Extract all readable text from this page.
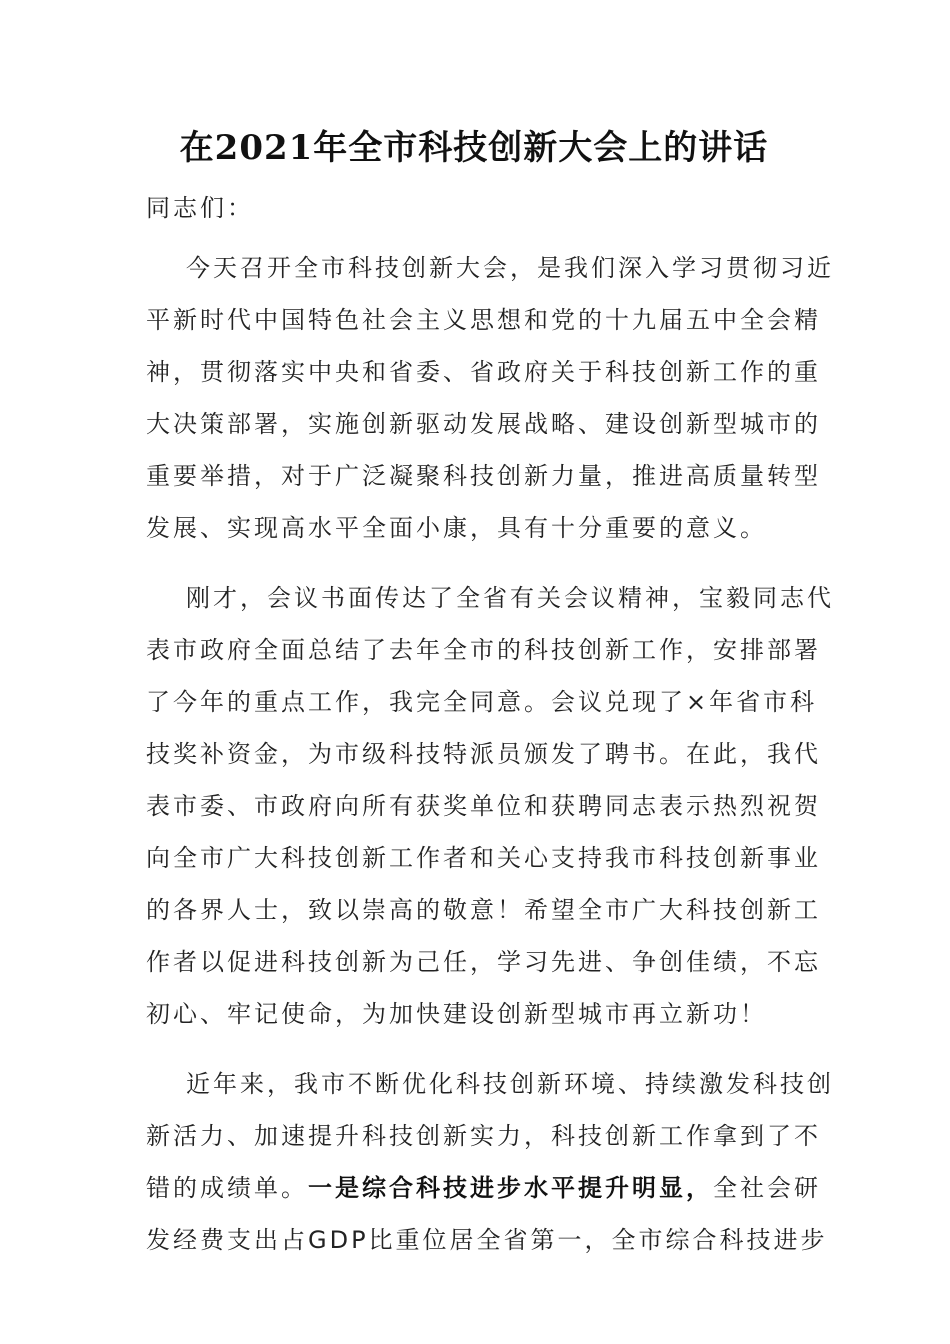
在2021年全市科技创新大会上的讲话
同志们：
今天召开全市科技创新大会，是我们深入学习贯彻习近
平新时代中国特色社会主义思想和党的十九届五中全会精
神，贯彻落实中央和省委、省政府关于科技创新工作的重
大决策部署，实施创新驱动发展战略、建设创新型城市的
重要举措，对于广泛凝聚科技创新力量，推进高质量转型
发展、实现高水平全面小康，具有十分重要的意义。
刚才，会议书面传达了全省有关会议精神，宝毅同志代
表市政府全面总结了去年全市的科技创新工作，安排部署
了今年的重点工作，我完全同意。会议兑现了×年省市科
技奖补资金，为市级科技特派员颁发了聘书。在此，我代
表市委、市政府向所有获奖单位和获聘同志表示热烈祝贺
向全市广大科技创新工作者和关心支持我市科技创新事业
的各界人士，致以崇高的敬意！希望全市广大科技创新工
作者以促进科技创新为己任，学习先进、争创佳绩，不忘
初心、牢记使命，为加快建设创新型城市再立新功！
近年来，我市不断优化科技创新环境、持续激发科技创
新活力、加速提升科技创新实力，科技创新工作拿到了不
错的成绩单。一是综合科技进步水平提升明显，全社会研
发经费支出占GDP比重位居全省第一，全市综合科技进步
